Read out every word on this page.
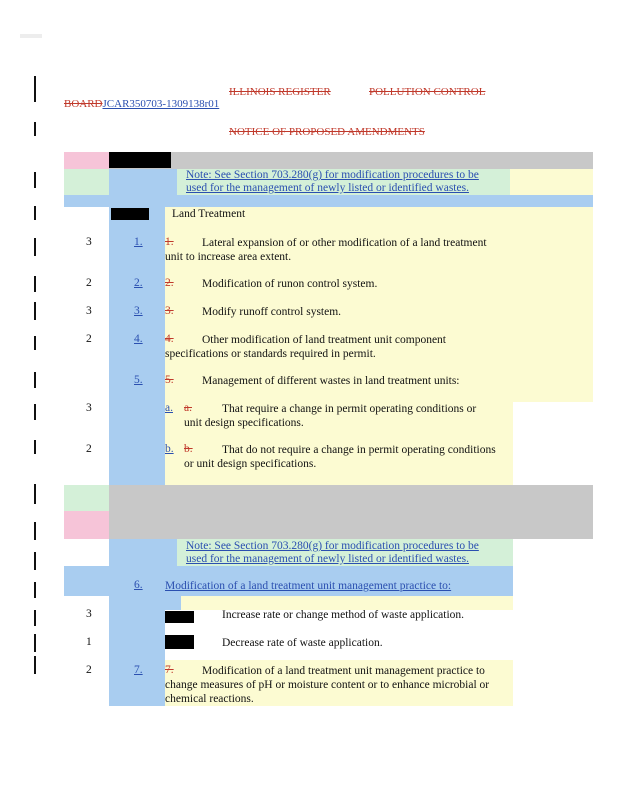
ILLINOIS REGISTER	POLLUTION CONTROL
BOARDJCAR350703-1309138r01
NOTICE OF PROPOSED AMENDMENTS
Note: See Section 703.280(g) for modification procedures to be
used for the management of newly listed or identified wastes.
Land Treatment
3	1. 1. Lateral expansion of or other modification of a land treatment
unit to increase area extent.
2	2. 2. Modification of runon control system.
3	3. 3. Modify runoff control system.
2	4. 4. Other modification of land treatment unit component
specifications or standards required in permit.
5. 5. Management of different wastes in land treatment units:
3	a. a.	That require a change in permit operating conditions or
unit design specifications.
2	b. b.	That do not require a change in permit operating conditions
or unit design specifications.
Note: See Section 703.280(g) for modification procedures to be
used for the management of newly listed or identified wastes.
6. Modification of a land treatment unit management practice to:
3	Increase rate or change method of waste application.
1	Decrease rate of waste application.
2	7. 7. Modification of a land treatment unit management practice to
change measures of pH or moisture content or to enhance microbial or
chemical reactions.
